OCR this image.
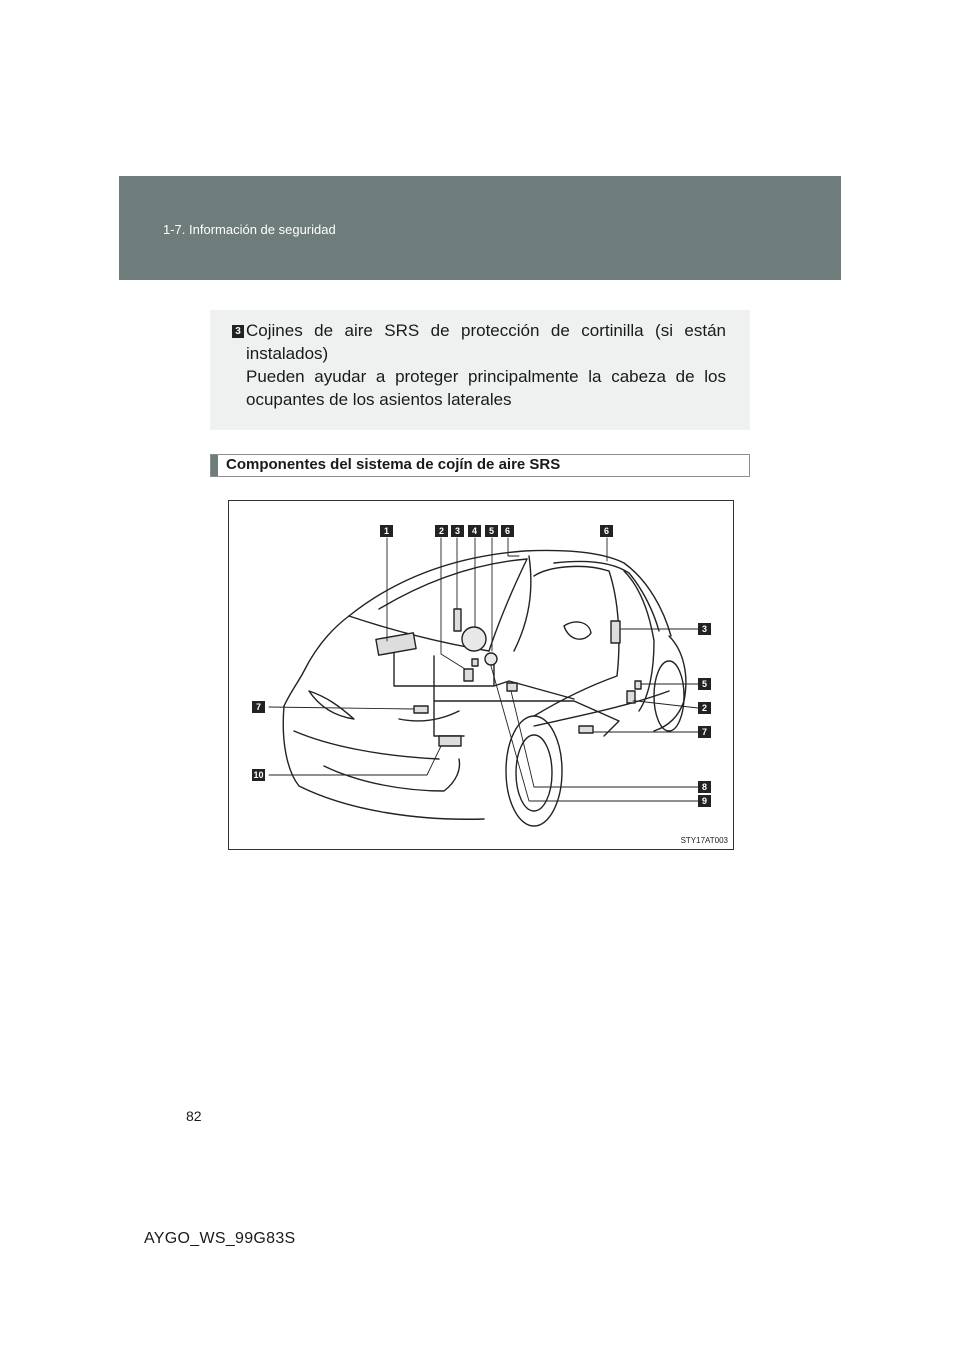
1-7. Información de seguridad
3 Cojines de aire SRS de protección de cortinilla (si están
instalados)
Pueden ayudar a proteger principalmente la cabeza de los
ocupantes de los asientos laterales
Componentes del sistema de cojín de aire SRS
1	2	3	4	5	6	6
7
10
3
5
2
7
8
9
STY17AT003
82
AYGO_WS_99G83S
